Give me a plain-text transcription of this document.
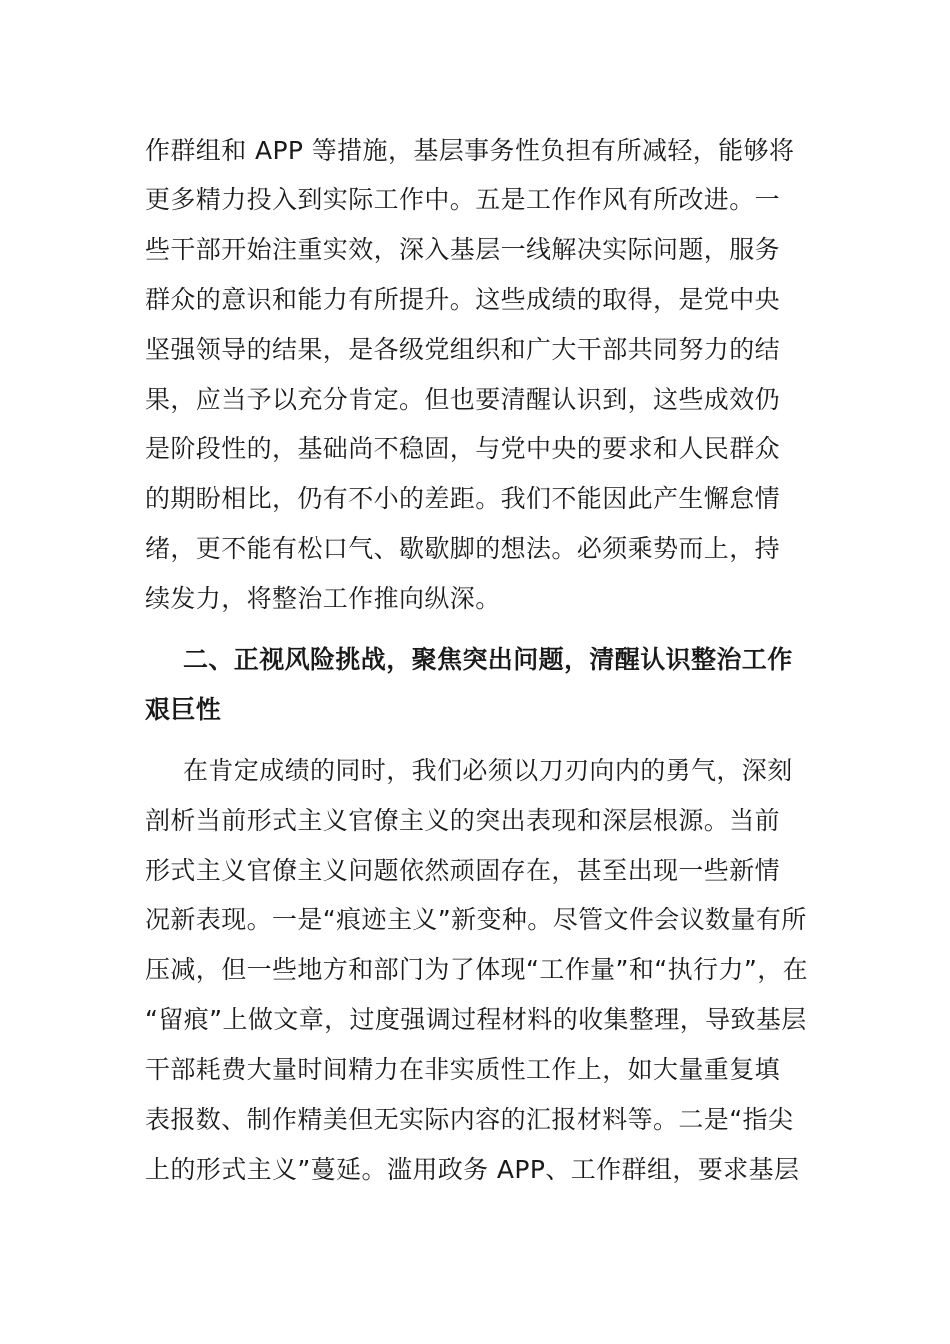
作群组和 APP 等措施，基层事务性负担有所减轻，能够将
更多精力投入到实际工作中。五是工作作风有所改进。一
些干部开始注重实效，深入基层一线解决实际问题，服务
群众的意识和能力有所提升。这些成绩的取得，是党中央
坚强领导的结果，是各级党组织和广大干部共同努力的结
果，应当予以充分肯定。但也要清醒认识到，这些成效仍
是阶段性的，基础尚不稳固，与党中央的要求和人民群众
的期盼相比，仍有不小的差距。我们不能因此产生懈怠情
绪，更不能有松口气、歇歇脚的想法。必须乘势而上，持
续发力，将整治工作推向纵深。
二、正视风险挑战，聚焦突出问题，清醒认识整治工作
艰巨性
在肯定成绩的同时，我们必须以刀刃向内的勇气，深刻
剖析当前形式主义官僚主义的突出表现和深层根源。当前
形式主义官僚主义问题依然顽固存在，甚至出现一些新情
况新表现。一是“痕迹主义”新变种。尽管文件会议数量有所
压减，但一些地方和部门为了体现“工作量”和“执行力”，在
“留痕”上做文章，过度强调过程材料的收集整理，导致基层
干部耗费大量时间精力在非实质性工作上，如大量重复填
表报数、制作精美但无实际内容的汇报材料等。二是“指尖
上的形式主义”蔓延。滥用政务 APP、工作群组，要求基层
